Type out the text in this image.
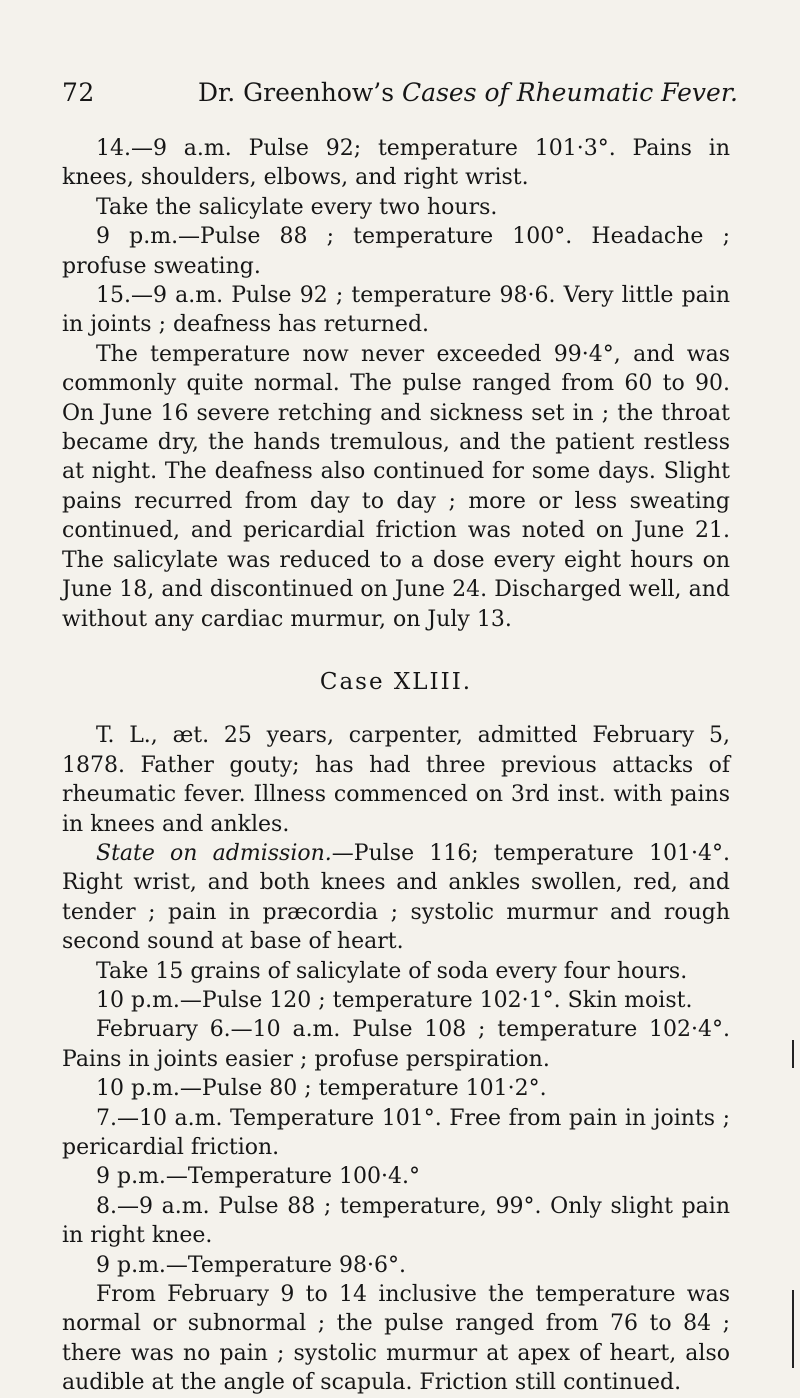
72	Dr. Greenhow’s Cases of Rheumatic Fever.

14.—9 a.m. Pulse 92; temperature 101·3°. Pains in knees, shoulders, elbows, and right wrist.

Take the salicylate every two hours.

9 p.m.—Pulse 88 ; temperature 100°. Headache ; profuse sweating.

15.—9 a.m. Pulse 92 ; temperature 98·6. Very little pain in joints ; deafness has returned.

The temperature now never exceeded 99·4°, and was commonly quite normal. The pulse ranged from 60 to 90. On June 16 severe retching and sickness set in ; the throat became dry, the hands tremulous, and the patient restless at night. The deafness also continued for some days. Slight pains recurred from day to day ; more or less sweating continued, and pericardial friction was noted on June 21. The salicylate was reduced to a dose every eight hours on June 18, and discontinued on June 24. Discharged well, and without any cardiac murmur, on July 13.

Case XLIII.

T. L., æt. 25 years, carpenter, admitted February 5, 1878. Father gouty; has had three previous attacks of rheumatic fever. Illness commenced on 3rd inst. with pains in knees and ankles.

State on admission.—Pulse 116; temperature 101·4°. Right wrist, and both knees and ankles swollen, red, and tender ; pain in præcordia ; systolic murmur and rough second sound at base of heart.

Take 15 grains of salicylate of soda every four hours.

10 p.m.—Pulse 120 ; temperature 102·1°. Skin moist.

February 6.—10 a.m. Pulse 108 ; temperature 102·4°. Pains in joints easier ; profuse perspiration.

10 p.m.—Pulse 80 ; temperature 101·2°.

7.—10 a.m. Temperature 101°. Free from pain in joints ; pericardial friction.

9 p.m.—Temperature 100·4.°

8.—9 a.m. Pulse 88 ; temperature, 99°. Only slight pain in right knee.

9 p.m.—Temperature 98·6°.

From February 9 to 14 inclusive the temperature was normal or subnormal ; the pulse ranged from 76 to 84 ; there was no pain ; systolic murmur at apex of heart, also audible at the angle of scapula. Friction still continued.
